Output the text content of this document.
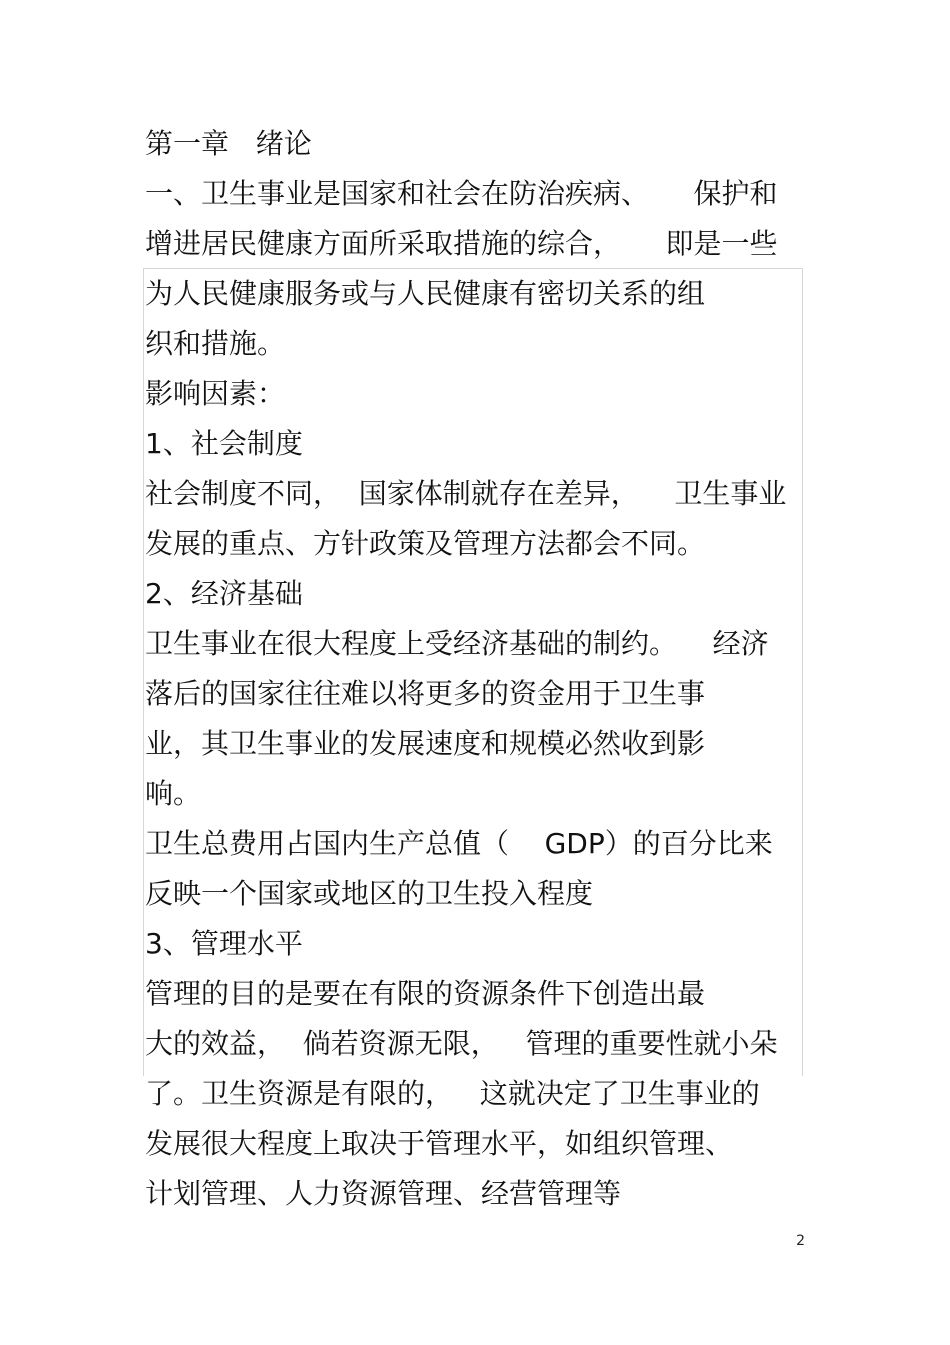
第一章   绪论
一、卫生事业是国家和社会在防治疾病、     保护和
增进居民健康方面所采取措施的综合，     即是一些
为人民健康服务或与人民健康有密切关系的组
织和措施。
影响因素：
1、社会制度
社会制度不同，  国家体制就存在差异，    卫生事业
发展的重点、方针政策及管理方法都会不同。
2、经济基础
卫生事业在很大程度上受经济基础的制约。    经济
落后的国家往往难以将更多的资金用于卫生事
业，其卫生事业的发展速度和规模必然收到影
响。
卫生总费用占国内生产总值（    GDP）的百分比来
反映一个国家或地区的卫生投入程度
3、管理水平
管理的目的是要在有限的资源条件下创造出最
大的效益，  倘若资源无限，   管理的重要性就小朵
了。卫生资源是有限的，   这就决定了卫生事业的
发展很大程度上取决于管理水平，如组织管理、
计划管理、人力资源管理、经营管理等
2
